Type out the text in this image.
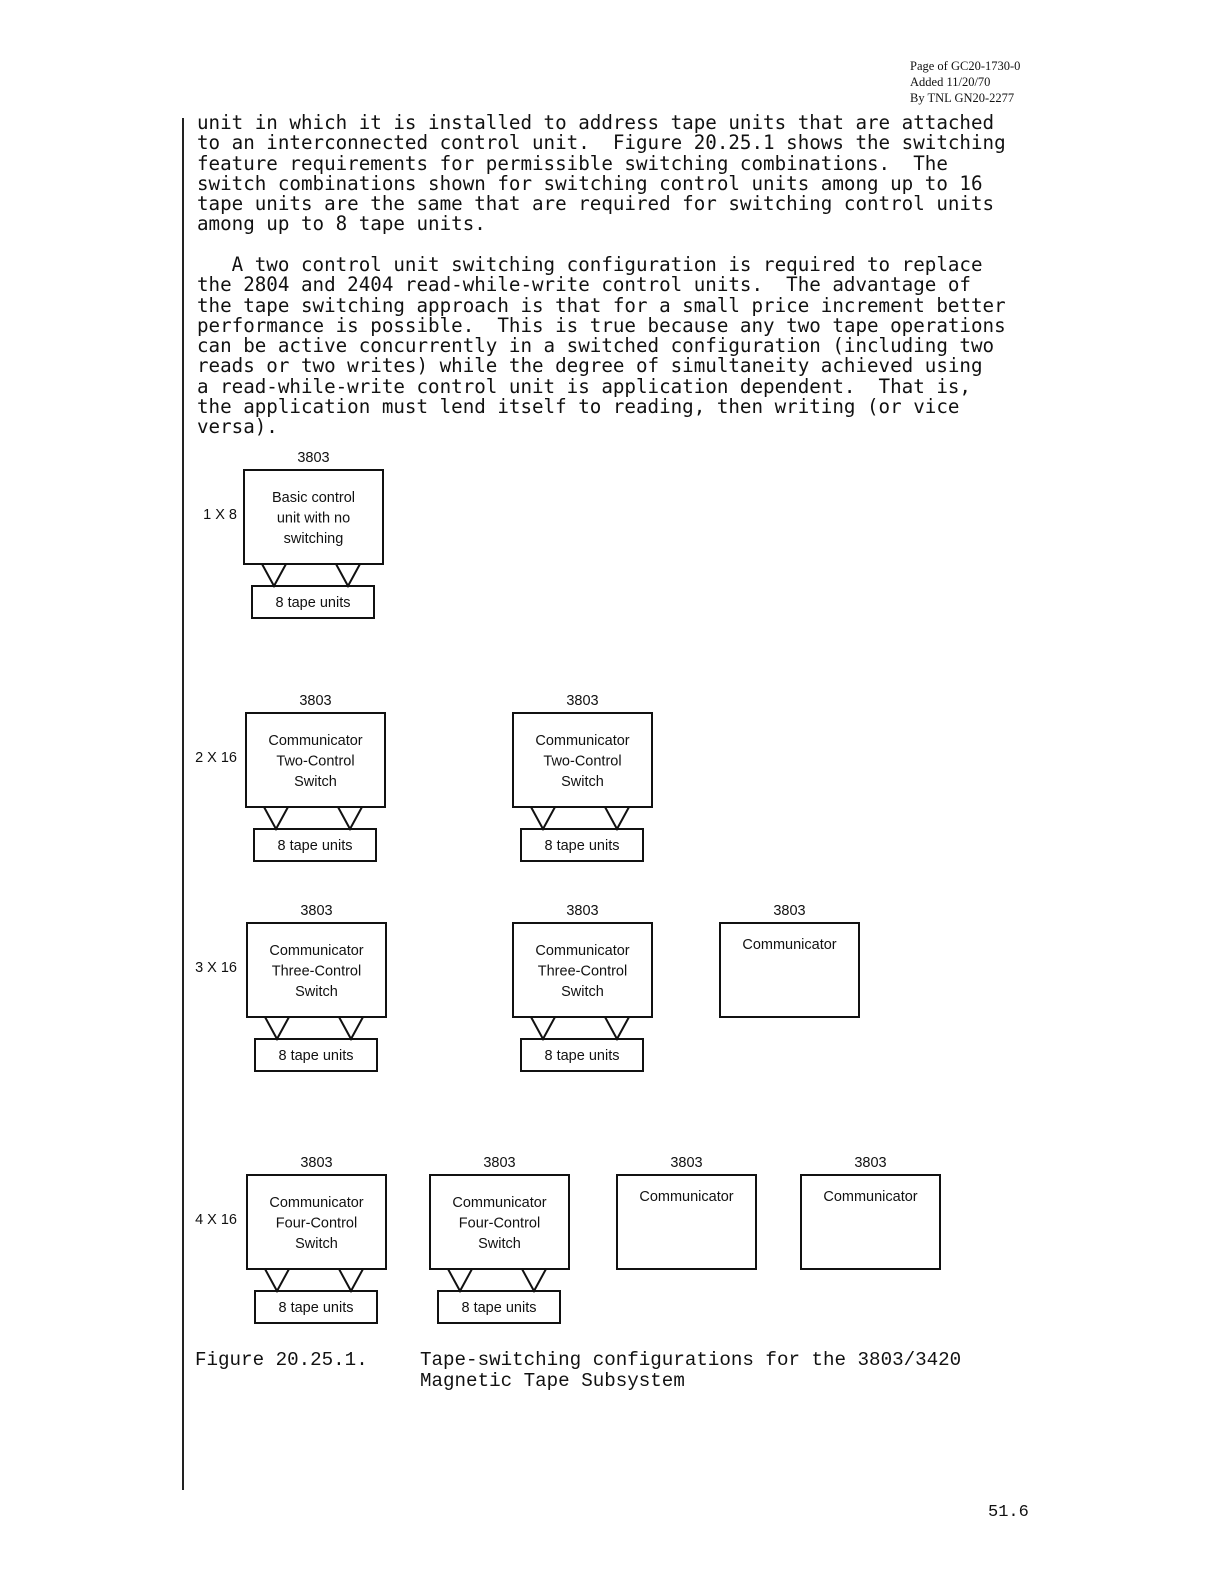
Page of GC20-1730-0
Added 11/20/70
By TNL GN20-2277
unit in which it is installed to address tape units that are attached
to an interconnected control unit.  Figure 20.25.1 shows the switching
feature requirements for permissible switching combinations.  The
switch combinations shown for switching control units among up to 16
tape units are the same that are required for switching control units
among up to 8 tape units.
A two control unit switching configuration is required to replace
the 2804 and 2404 read-while-write control units.  The advantage of
the tape switching approach is that for a small price increment better
performance is possible.  This is true because any two tape operations
can be active concurrently in a switched configuration (including two
reads or two writes) while the degree of simultaneity achieved using
a read-while-write control unit is application dependent.  That is,
the application must lend itself to reading, then writing (or vice
versa).
1 X 8
3803
Basic control
unit with no
switching
8 tape units
2 X 16
3803
Communicator
Two-Control
Switch
8 tape units
3803
Communicator
Two-Control
Switch
8 tape units
3 X 16
3803
Communicator
Three-Control
Switch
8 tape units
3803
Communicator
Three-Control
Switch
8 tape units
3803
Communicator
4 X 16
3803
Communicator
Four-Control
Switch
8 tape units
3803
Communicator
Four-Control
Switch
8 tape units
3803
Communicator
3803
Communicator
Figure 20.25.1.	Tape-switching configurations for the 3803/3420
Magnetic Tape Subsystem
51.6
